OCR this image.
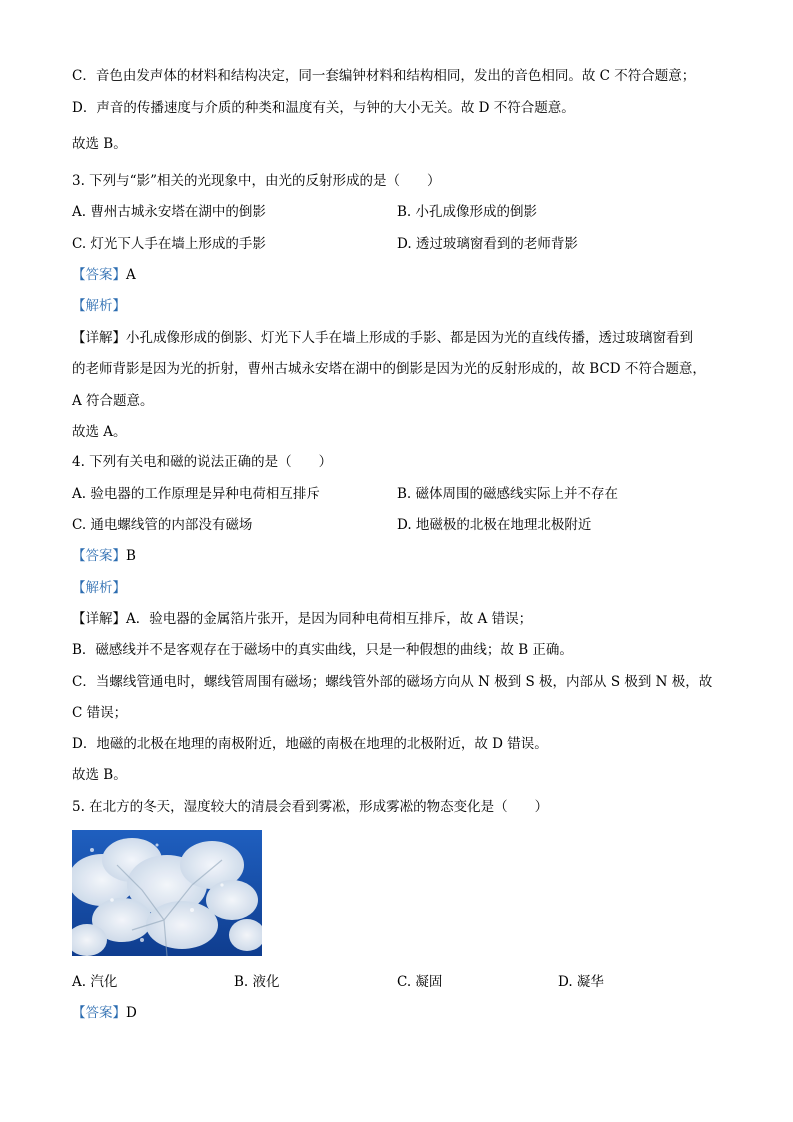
C．音色由发声体的材料和结构决定，同一套编钟材料和结构相同，发出的音色相同。故 C 不符合题意；
D．声音的传播速度与介质的种类和温度有关，与钟的大小无关。故 D 不符合题意。
故选 B。
3. 下列与“影”相关的光现象中，由光的反射形成的是（　　）
A. 曹州古城永安塔在湖中的倒影	B. 小孔成像形成的倒影
C. 灯光下人手在墙上形成的手影	D. 透过玻璃窗看到的老师背影
【答案】A
【解析】
【详解】小孔成像形成的倒影、灯光下人手在墙上形成的手影、都是因为光的直线传播，透过玻璃窗看到
的老师背影是因为光的折射，曹州古城永安塔在湖中的倒影是因为光的反射形成的，故 BCD 不符合题意，
A 符合题意。
故选 A。
4. 下列有关电和磁的说法正确的是（　　）
A. 验电器的工作原理是异种电荷相互排斥	B. 磁体周围的磁感线实际上并不存在
C. 通电螺线管的内部没有磁场	D. 地磁极的北极在地理北极附近
【答案】B
【解析】
【详解】A．验电器的金属箔片张开，是因为同种电荷相互排斥，故 A 错误；
B．磁感线并不是客观存在于磁场中的真实曲线，只是一种假想的曲线；故 B 正确。
C．当螺线管通电时，螺线管周围有磁场；螺线管外部的磁场方向从 N 极到 S 极，内部从 S 极到 N 极，故
C 错误；
D．地磁的北极在地理的南极附近，地磁的南极在地理的北极附近，故 D 错误。
故选 B。
5. 在北方的冬天，湿度较大的清晨会看到雾凇，形成雾凇的物态变化是（　　）
A. 汽化	B. 液化	C. 凝固	D. 凝华
【答案】D
